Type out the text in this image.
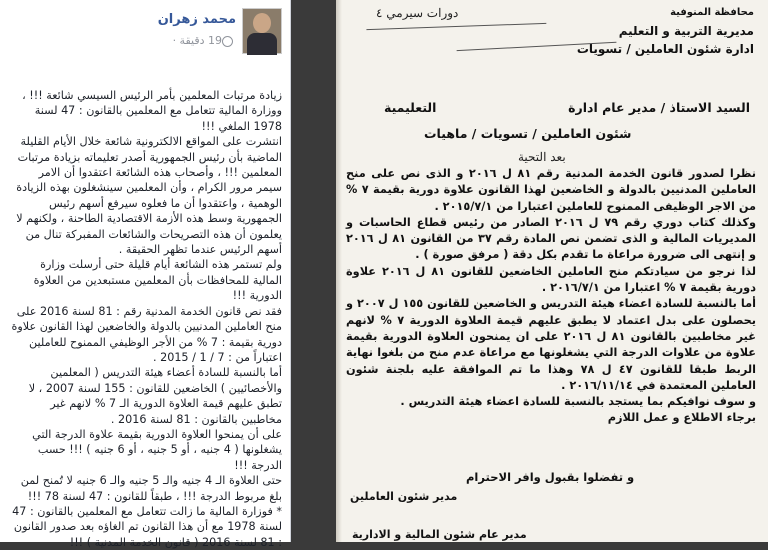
محمد زهران
19 دقيقة ·

زيادة مرتبات المعلمين بأمر الرئيس السيسي شائعة !!! ، ووزارة المالية تتعامل مع المعلمين بالقانون : 47 لسنة 1978 الملغي !!!

انتشرت على المواقع الالكترونية شائعة خلال الأيام القليلة الماضية بأن رئيس الجمهورية أصدر تعليماته بزيادة مرتبات المعلمين !!! ، وأصحاب هذه الشائعة اعتقدوا أن الامر سيمر مرور الكرام ، وأن المعلمين سينشغلون بهذه الزيادة الوهمية ، واعتقدوا أن ما فعلوه سيرفع أسهم رئيس الجمهورية وسط هذه الأزمة الاقتصادية الطاحنة ، ولكنهم لا يعلمون أن هذه التصريحات والشائعات المفبركة تنال من أسهم الرئيس عندما تظهر الحقيقة .

ولم تستمر هذه الشائعة أيام قليلة حتى أرسلت وزارة المالية للمحافظات بأن المعلمين مستبعدين من العلاوة الدورية !!!

فقد نص قانون الخدمة المدنية رقم : 81 لسنة 2016 على منح العاملين المدنيين بالدولة والخاضعين لهذا القانون علاوة دورية بقيمة : 7 % من الأجر الوظيفي الممنوح للعاملين اعتباراً من : 7 / 1 / 2015 .

أما بالنسبة للسادة أعضاء هيئة التدريس ( المعلمين والأخصائيين ) الخاضعين للقانون : 155 لسنة 2007 ، لا تطبق عليهم قيمة العلاوة الدورية الـ 7 % لانهم غير مخاطبين بالقانون : 81 لسنة 2016 .

على أن يمنحوا العلاوة الدورية بقيمة علاوة الدرجة التي يشغلونها ( 4 جنيه ، أو 5 جنيه ، أو 6 جنيه ) !!! حسب الدرجة !!!

حتى العلاوة الـ 4 جنيه والـ 5 جنيه والـ 6 جنيه لا تُمنح لمن بلغ مربوط الدرجة !!! ، طبقاً للقانون : 47 لسنة 78 !!!

* فوزارة المالية ما زالت تتعامل مع المعلمين بالقانون : 47 لسنة 1978 مع أن هذا القانون تم الغاؤه بعد صدور القانون : 81 لسنة 2016 ( قانون الخدمة المدنية ) !!!

محافظة المنوفية
مديرية التربية و التعليم
ادارة شئون العاملين / تسويات
دورات سيرمي ٤
السيد الاستاذ / مدير عام ادارة
التعليمية
شئون العاملين / تسويات / ماهيات
بعد التحية

نظرا لصدور قانون الخدمة المدنية رقم ٨١ ل ٢٠١٦ و الذى نص على منح العاملين المدنيين بالدولة و الخاضعين لهذا القانون علاوة دورية بقيمة ٧ % من الاجر الوظيفى الممنوح للعاملين اعتبارا من ٢٠١٥/٧/١ .

وكذلك كتاب دوري رقم ٧٩ ل ٢٠١٦ الصادر من رئيس قطاع الحاسبات و المديريات المالية و الذى تضمن نص المادة رقم ٣٧ من القانون ٨١ ل ٢٠١٦ و إنتهى الى ضرورة مراعاة ما تقدم بكل دقة ( مرفق صورة ) .

لذا نرجو من سيادتكم منح العاملين الخاضعين للقانون ٨١ ل ٢٠١٦ علاوة دورية بقيمة ٧ % اعتبارا من ٢٠١٦/٧/١ .

أما بالنسبة للسادة اعضاء هيئة التدريس و الخاضعين للقانون ١٥٥ ل ٢٠٠٧ و يحصلون على بدل اعتماد لا يطبق عليهم قيمة العلاوة الدورية ٧ % لانهم غير مخاطبين بالقانون ٨١ ل ٢٠١٦ على ان يمنحون العلاوة الدورية بقيمة علاوة من علاوات الدرجة التي يشغلونها مع مراعاة عدم منح من بلغوا نهاية الربط طبقا للقانون ٤٧ ل ٧٨ وهذا ما تم الموافقة عليه بلجنة شئون العاملين المعتمدة في ٢٠١٦/١١/١٤ .

و سوف نوافيكم بما يستجد بالنسبة للسادة اعضاء هيئة التدريس .

برجاء الاطلاع و عمل اللازم

و تفضلوا بقبول وافر الاحترام
مدير شئون العاملين
مدير عام شئون المالية و الادارية
